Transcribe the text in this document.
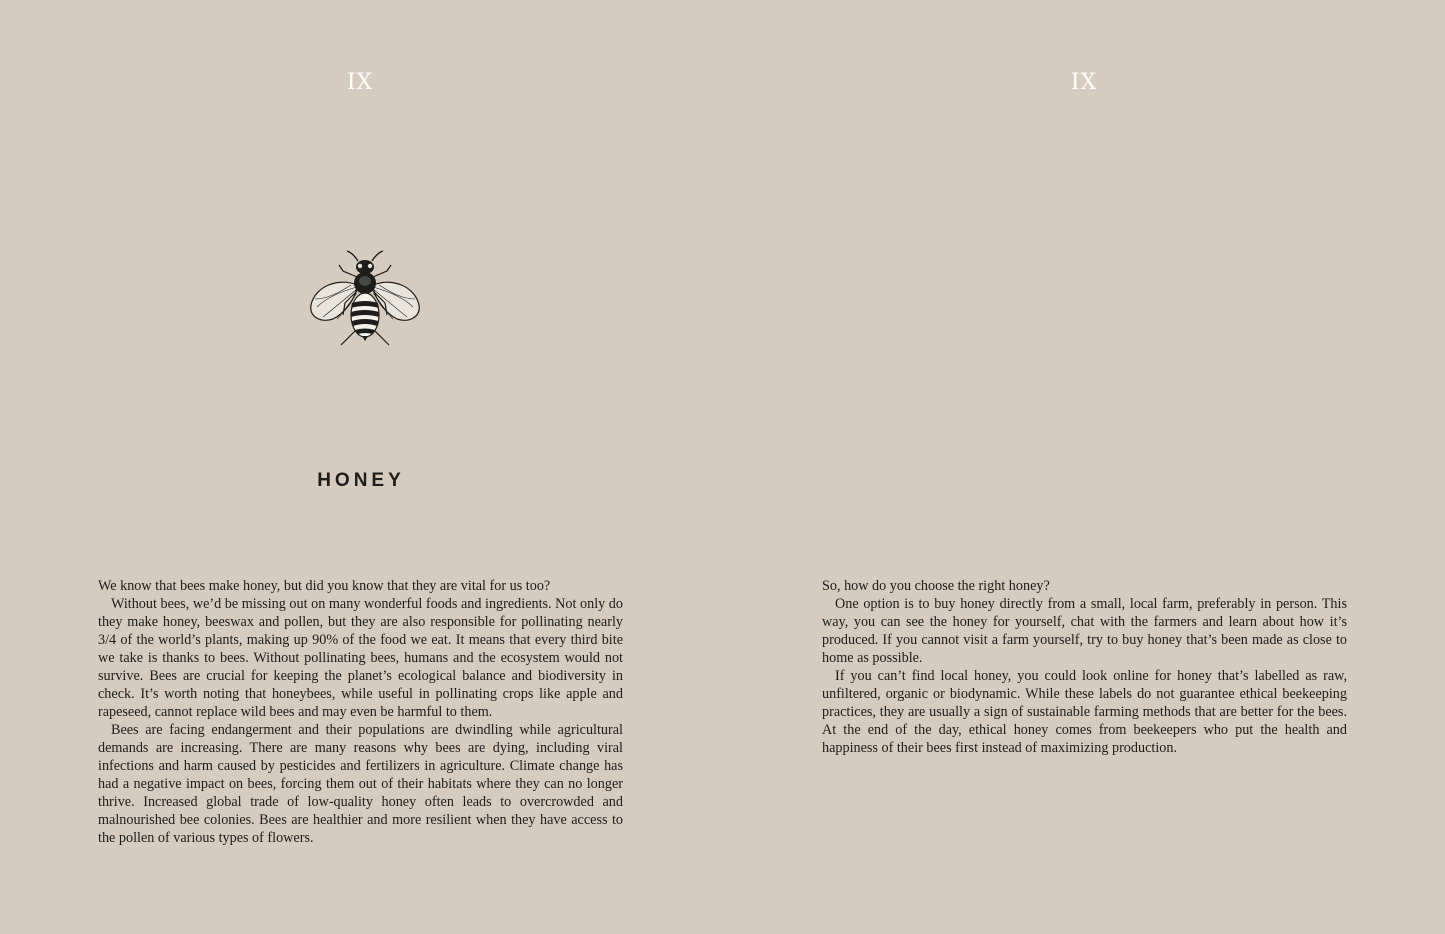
IX
HONEY

We know that bees make honey, but did you know that they are vital for us too?

Without bees, we’d be missing out on many wonderful foods and ingredients. Not only do they make honey, beeswax and pollen, but they are also responsible for pollinating nearly 3/4 of the world’s plants, making up 90% of the food we eat. It means that every third bite we take is thanks to bees. Without pollinating bees, humans and the ecosystem would not survive. Bees are crucial for keeping the planet’s ecological balance and biodiversity in check. It’s worth noting that honeybees, while useful in pollinating crops like apple and rapeseed, cannot replace wild bees and may even be harmful to them.

Bees are facing endangerment and their populations are dwindling while agricultural demands are increasing. There are many reasons why bees are dying, including viral infections and harm caused by pesticides and fertilizers in agriculture. Climate change has had a negative impact on bees, forcing them out of their habitats where they can no longer thrive. Increased global trade of low-quality honey often leads to overcrowded and malnourished bee colonies. Bees are healthier and more resilient when they have access to the pollen of various types of flowers.

IX

So, how do you choose the right honey?

One option is to buy honey directly from a small, local farm, preferably in person. This way, you can see the honey for yourself, chat with the farmers and learn about how it’s produced. If you cannot visit a farm yourself, try to buy honey that’s been made as close to home as possible.

If you can’t find local honey, you could look online for honey that’s labelled as raw, unfiltered, organic or biodynamic. While these labels do not guarantee ethical beekeeping practices, they are usually a sign of sustainable farming methods that are better for the bees. At the end of the day, ethical honey comes from beekeepers who put the health and happiness of their bees first instead of maximizing production.
